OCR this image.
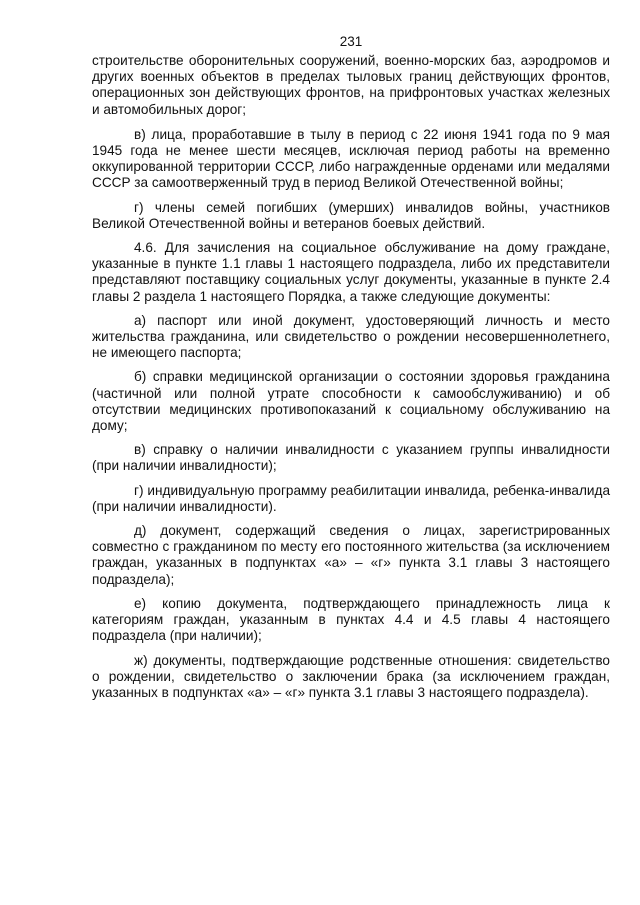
231

строительстве оборонительных сооружений, военно-морских баз, аэродромов и других военных объектов в пределах тыловых границ действующих фронтов, операционных зон действующих фронтов, на прифронтовых участках железных и автомобильных дорог;

в) лица, проработавшие в тылу в период с 22 июня 1941 года по 9 мая 1945 года не менее шести месяцев, исключая период работы на временно оккупированной территории СССР, либо награжденные орденами или медалями СССР за самоотверженный труд в период Великой Отечественной войны;

г) члены семей погибших (умерших) инвалидов войны, участников Великой Отечественной войны и ветеранов боевых действий.

4.6. Для зачисления на социальное обслуживание на дому граждане, указанные в пункте 1.1 главы 1 настоящего подраздела, либо их представители представляют поставщику социальных услуг документы, указанные в пункте 2.4 главы 2 раздела 1 настоящего Порядка, а также следующие документы:

а) паспорт или иной документ, удостоверяющий личность и место жительства гражданина, или свидетельство о рождении несовершеннолетнего, не имеющего паспорта;

б) справки медицинской организации о состоянии здоровья гражданина (частичной или полной утрате способности к самообслуживанию) и об отсутствии медицинских противопоказаний к социальному обслуживанию на дому;

в) справку о наличии инвалидности с указанием группы инвалидности (при наличии инвалидности);

г) индивидуальную программу реабилитации инвалида, ребенка-инвалида (при наличии инвалидности).

д) документ, содержащий сведения о лицах, зарегистрированных совместно с гражданином по месту его постоянного жительства (за исключением граждан, указанных в подпунктах «а» – «г» пункта 3.1 главы 3 настоящего подраздела);

е) копию документа, подтверждающего принадлежность лица к категориям граждан, указанным в пунктах 4.4 и 4.5 главы 4 настоящего подраздела (при наличии);

ж) документы, подтверждающие родственные отношения: свидетельство о рождении, свидетельство о заключении брака (за исключением граждан, указанных в подпунктах «а» – «г» пункта 3.1 главы 3 настоящего подраздела).
